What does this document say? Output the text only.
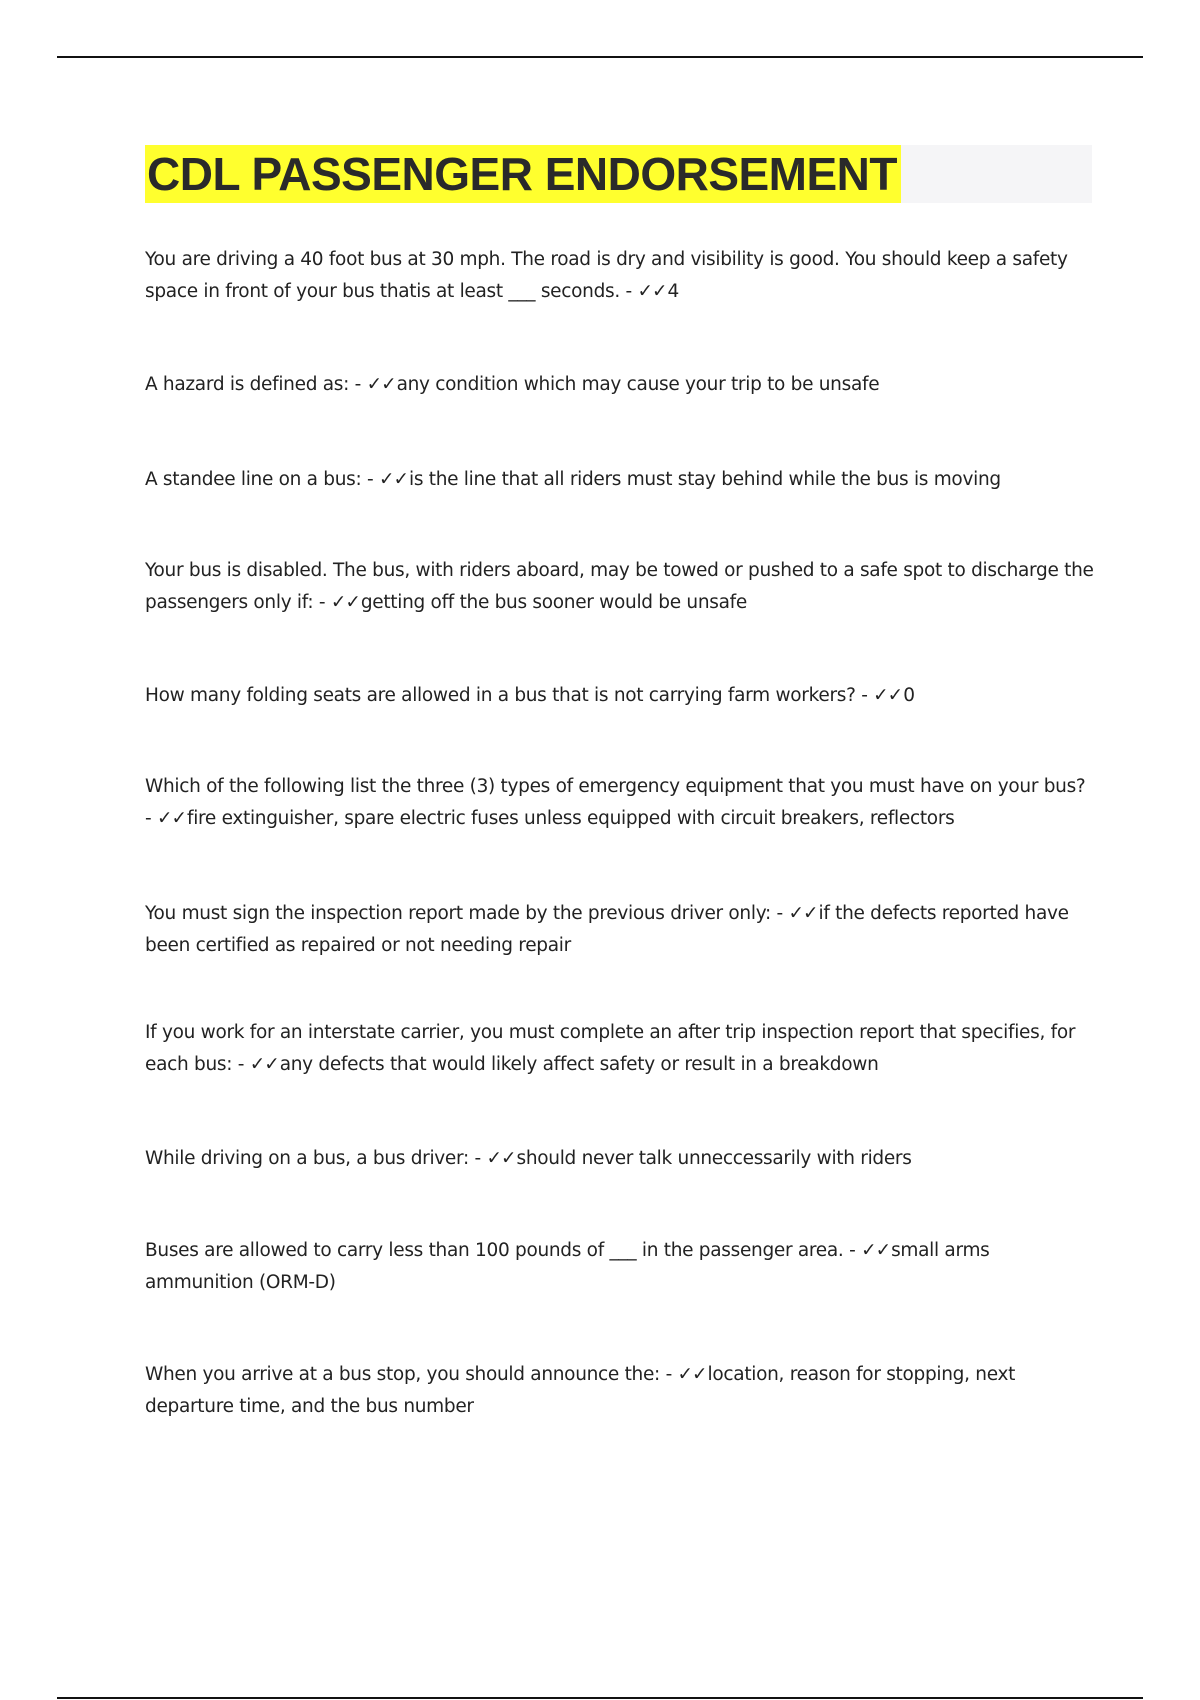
CDL PASSENGER ENDORSEMENT
You are driving a 40 foot bus at 30 mph. The road is dry and visibility is good. You should keep a safety space in front of your bus thatis at least ___ seconds. - ✓✓4
A hazard is defined as: - ✓✓any condition which may cause your trip to be unsafe
A standee line on a bus: - ✓✓is the line that all riders must stay behind while the bus is moving
Your bus is disabled. The bus, with riders aboard, may be towed or pushed to a safe spot to discharge the passengers only if: - ✓✓getting off the bus sooner would be unsafe
How many folding seats are allowed in a bus that is not carrying farm workers? - ✓✓0
Which of the following list the three (3) types of emergency equipment that you must have on your bus? - ✓✓fire extinguisher, spare electric fuses unless equipped with circuit breakers, reflectors
You must sign the inspection report made by the previous driver only: - ✓✓if the defects reported have been certified as repaired or not needing repair
If you work for an interstate carrier, you must complete an after trip inspection report that specifies, for each bus: - ✓✓any defects that would likely affect safety or result in a breakdown
While driving on a bus, a bus driver: - ✓✓should never talk unneccessarily with riders
Buses are allowed to carry less than 100 pounds of ___ in the passenger area. - ✓✓small arms ammunition (ORM-D)
When you arrive at a bus stop, you should announce the: - ✓✓location, reason for stopping, next departure time, and the bus number
